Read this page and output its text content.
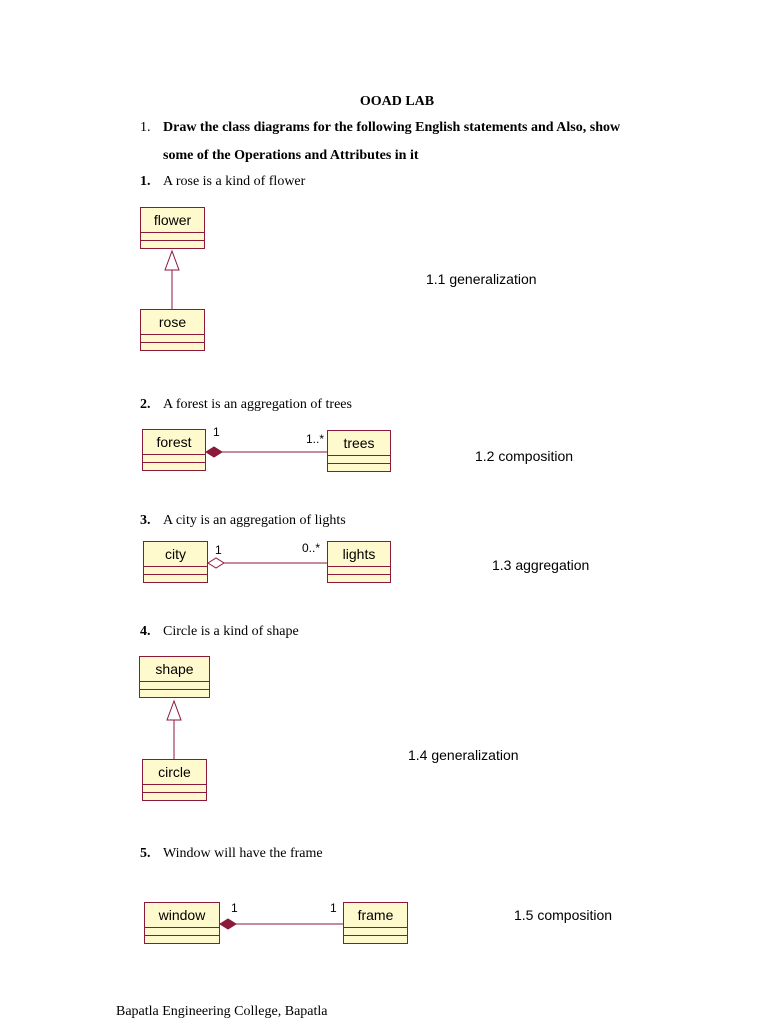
OOAD LAB
1. Draw the class diagrams for the following English statements and Also, show
some of the Operations and Attributes in it
1. A rose is a kind of flower
flower
rose
1.1 generalization
2. A forest is an aggregation of trees
forest	trees
1	1..*
1.2 composition
3. A city is an aggregation of lights
city	lights
1	0..*
1.3 aggregation
4. Circle is a kind of shape
shape
circle
1.4 generalization
5. Window will have the frame
window	frame
1	1	1.5 composition
Bapatla Engineering College, Bapatla
